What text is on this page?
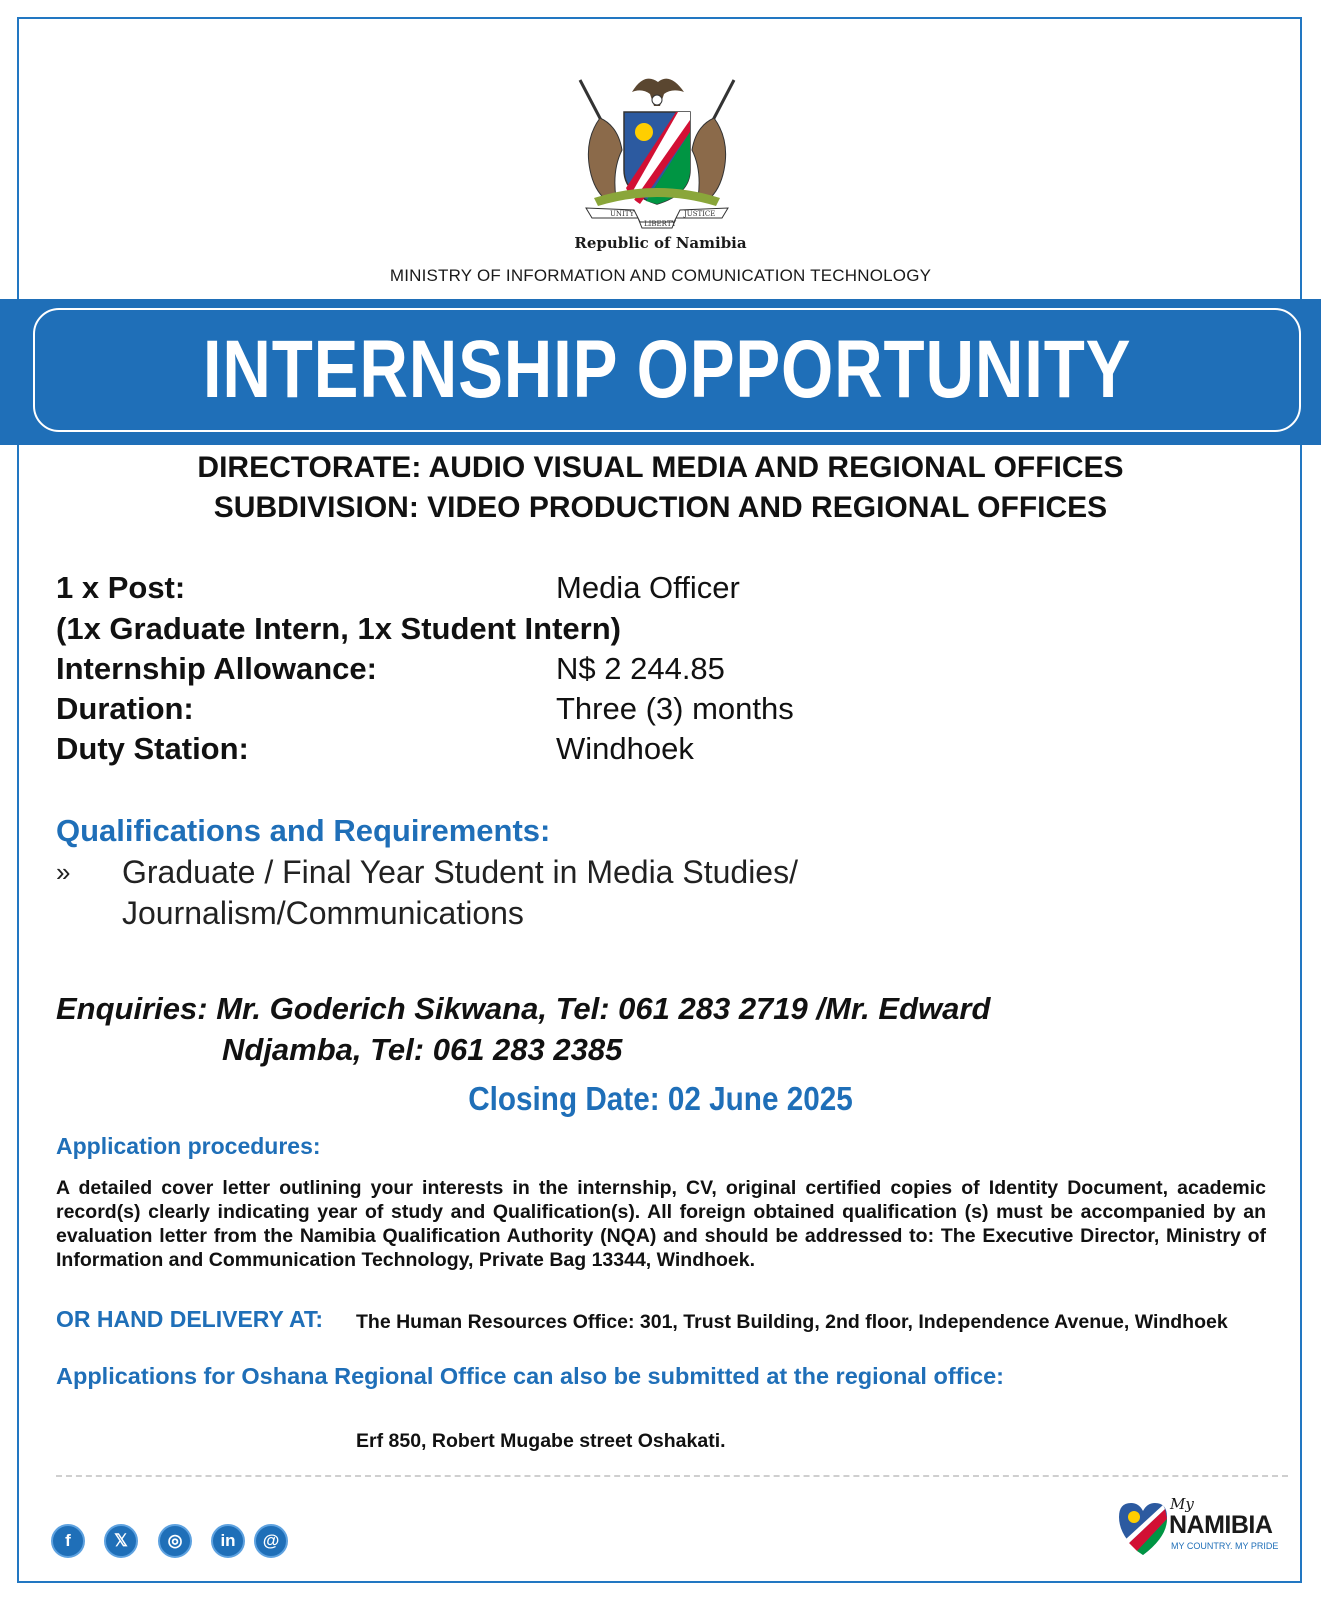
UNITY
LIBERTY
JUSTICE
Republic of Namibia
MINISTRY OF INFORMATION AND COMUNICATION TECHNOLOGY
INTERNSHIP OPPORTUNITY
DIRECTORATE: AUDIO VISUAL MEDIA AND REGIONAL OFFICES
SUBDIVISION: VIDEO PRODUCTION AND REGIONAL OFFICES
1 x Post:	Media Officer
(1x Graduate Intern, 1x Student Intern)
Internship Allowance:	N$ 2 244.85
Duration:	Three (3) months
Duty Station:	Windhoek
Qualifications and Requirements:
» Graduate / Final Year Student in Media Studies/ Journalism/Communications
Enquiries: Mr. Goderich Sikwana, Tel: 061 283 2719 /Mr. Edward
Ndjamba, Tel: 061 283 2385
Closing Date: 02 June 2025
Application procedures:
A detailed cover letter outlining your interests in the internship, CV, original certified copies of Identity Document, academic record(s) clearly indicating year of study and Qualification(s). All foreign obtained qualification (s) must be accompanied by an evaluation letter from the Namibia Qualification Authority (NQA) and should be addressed to: The Executive Director, Ministry of Information and Communication Technology, Private Bag 13344, Windhoek.
OR HAND DELIVERY AT: The Human Resources Office: 301, Trust Building, 2nd floor, Independence Avenue, Windhoek
Applications for Oshana Regional Office can also be submitted at the regional office:
Erf 850, Robert Mugabe street Oshakati.
f	𝕏	◎	in	@
My
NAMIBIA
MY COUNTRY. MY PRIDE
